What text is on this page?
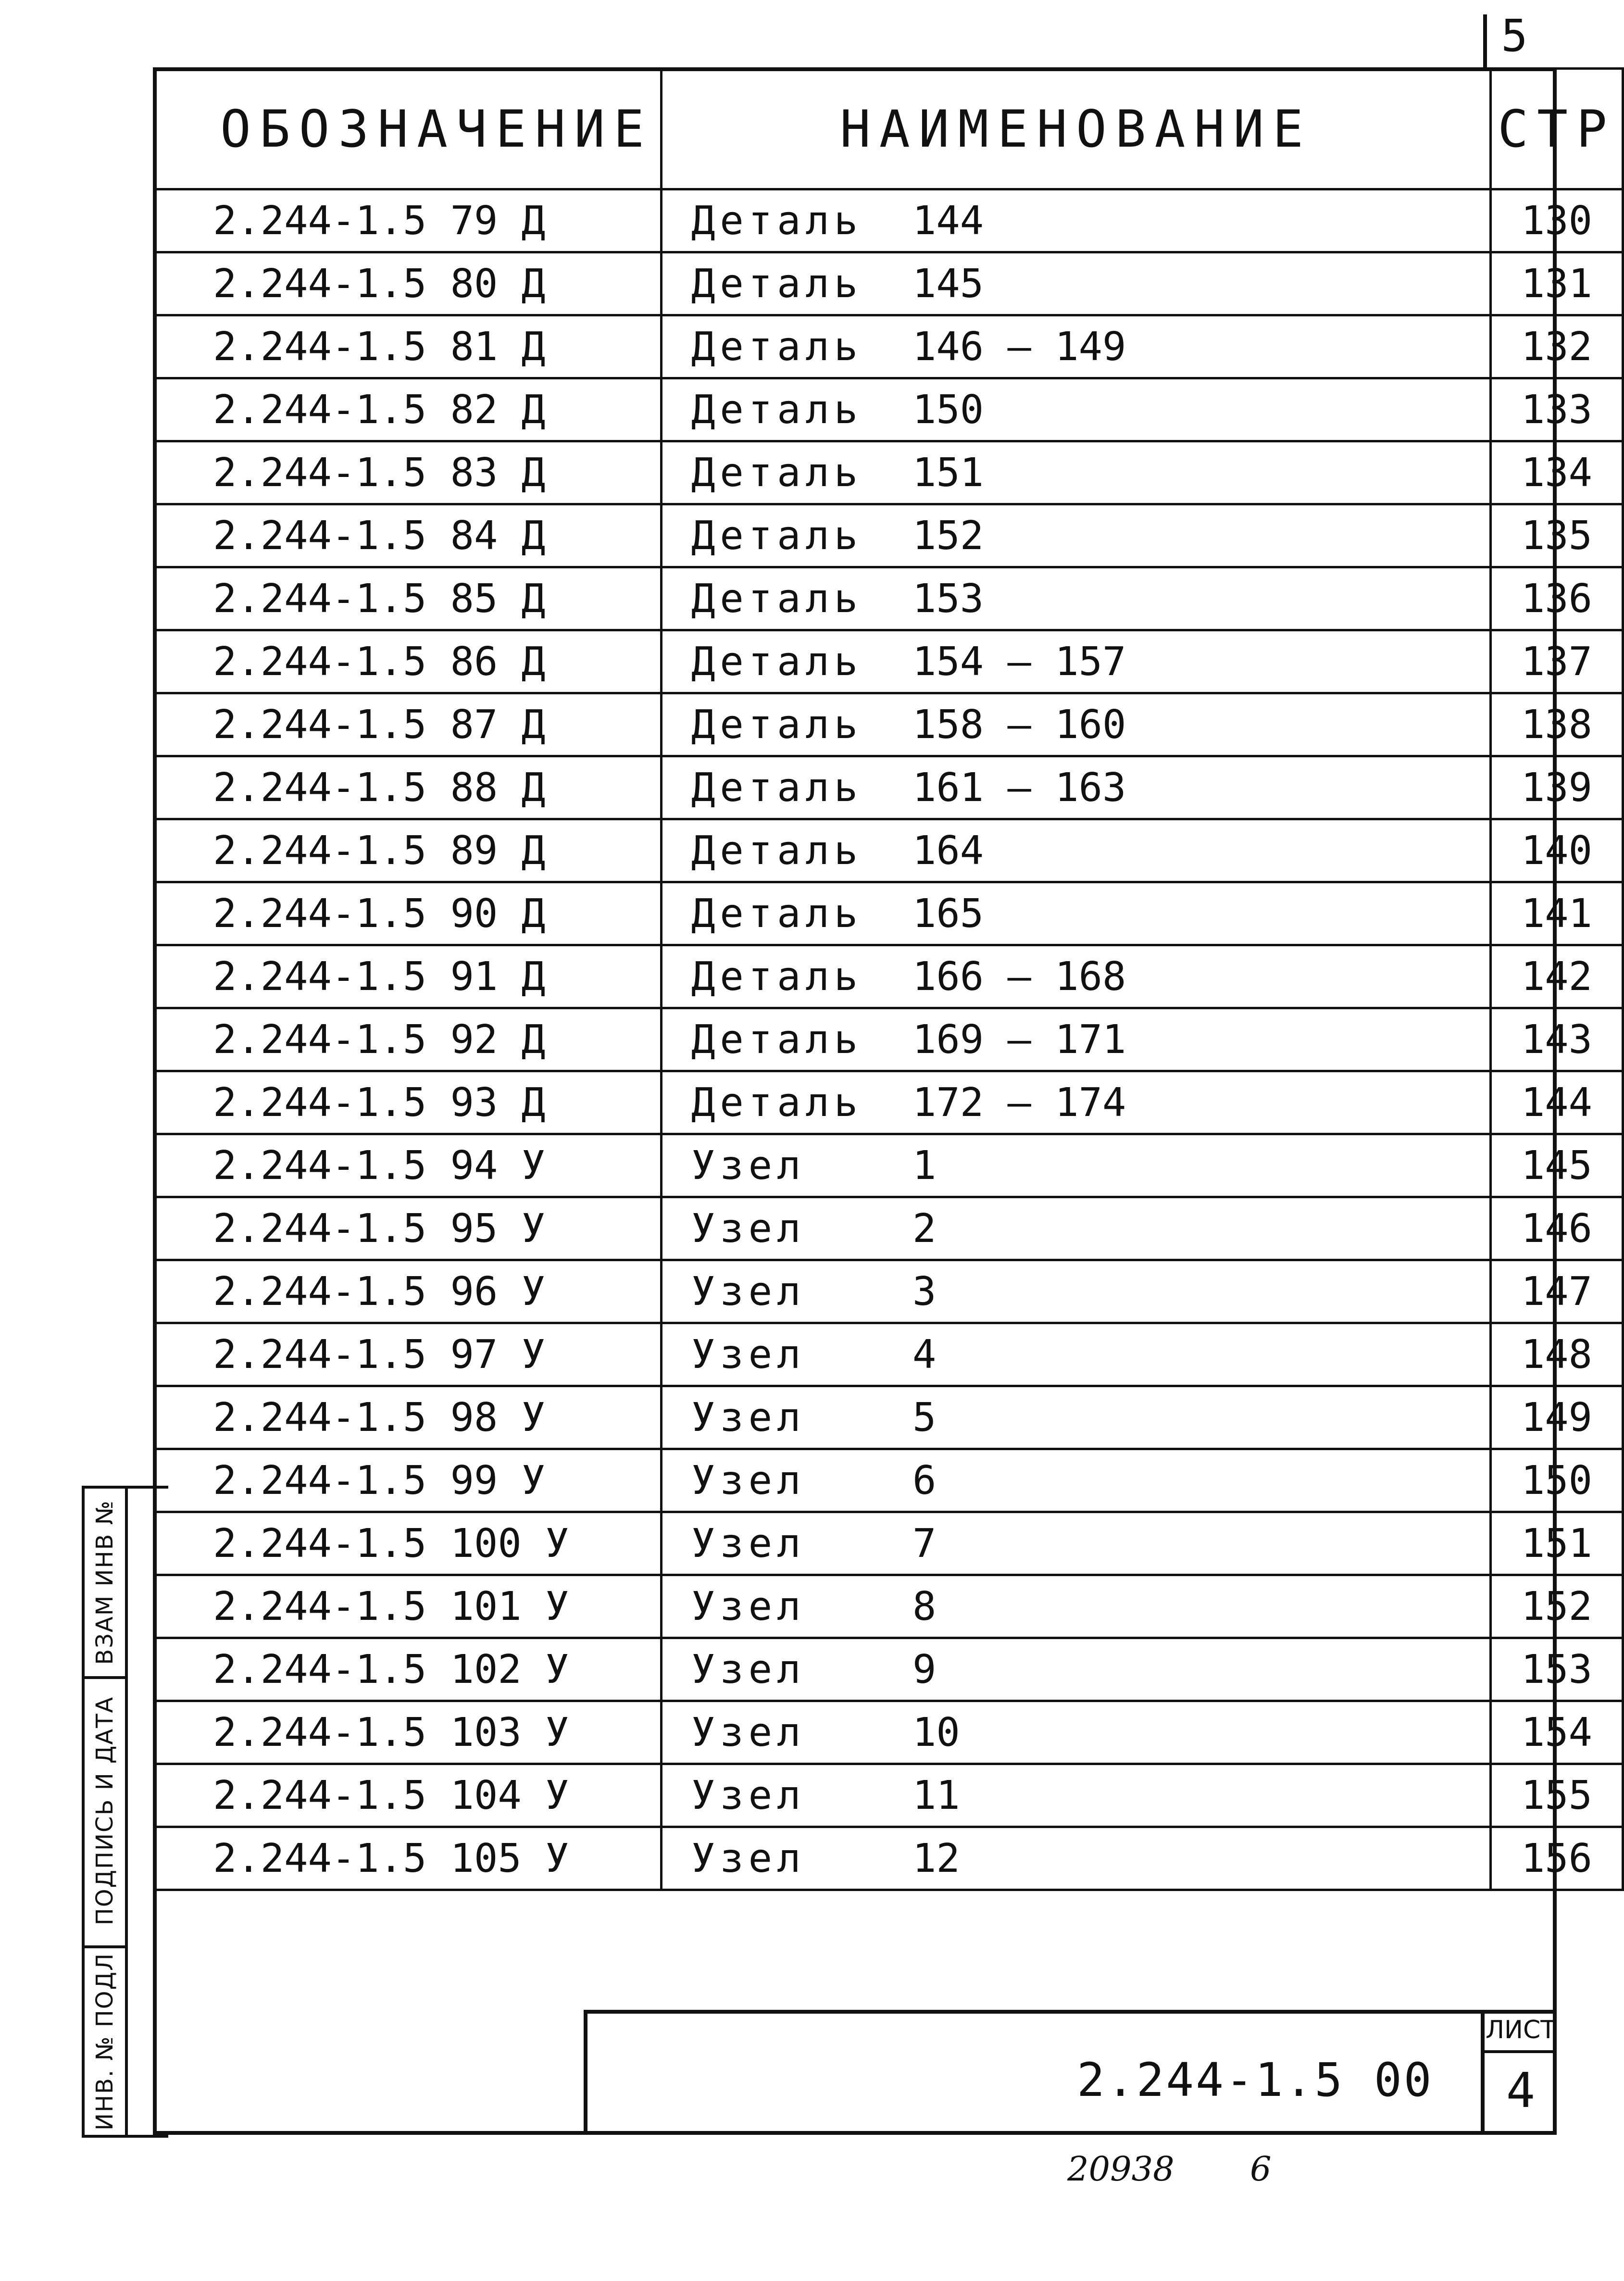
5
ОБОЗНАЧЕНИЕ	НАИМЕНОВАНИЕ	СТР
2.244-1.5 79 Д	Деталь 144	130
2.244-1.5 80 Д	Деталь 145	131
2.244-1.5 81 Д	Деталь 146 – 149	132
2.244-1.5 82 Д	Деталь 150	133
2.244-1.5 83 Д	Деталь 151	134
2.244-1.5 84 Д	Деталь 152	135
2.244-1.5 85 Д	Деталь 153	136
2.244-1.5 86 Д	Деталь 154 – 157	137
2.244-1.5 87 Д	Деталь 158 – 160	138
2.244-1.5 88 Д	Деталь 161 – 163	139
2.244-1.5 89 Д	Деталь 164	140
2.244-1.5 90 Д	Деталь 165	141
2.244-1.5 91 Д	Деталь 166 – 168	142
2.244-1.5 92 Д	Деталь 169 – 171	143
2.244-1.5 93 Д	Деталь 172 – 174	144
2.244-1.5 94 У	Узел 1	145
2.244-1.5 95 У	Узел 2	146
2.244-1.5 96 У	Узел 3	147
2.244-1.5 97 У	Узел 4	148
2.244-1.5 98 У	Узел 5	149
2.244-1.5 99 У	Узел 6	150
2.244-1.5 100 У	Узел 7	151
2.244-1.5 101 У	Узел 8	152
2.244-1.5 102 У	Узел 9	153
2.244-1.5 103 У	Узел 10	154
2.244-1.5 104 У	Узел 11	155
2.244-1.5 105 У	Узел 12	156
ВЗАМ ИНВ №
ПОДПИСЬ И ДАТА
ИНВ. № ПОДЛ	2.244-1.5 00
ЛИСТ
4
20938 6
